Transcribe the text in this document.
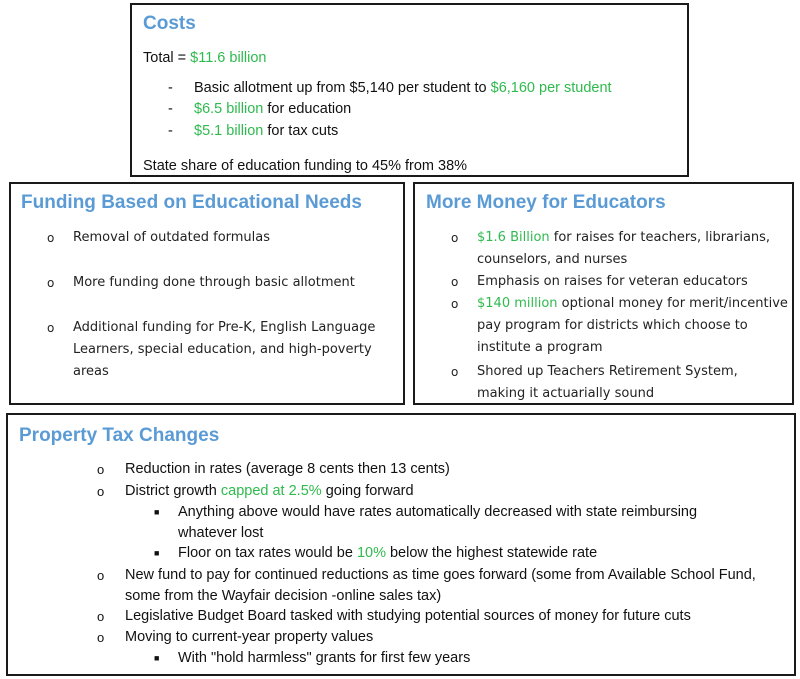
Costs
Total = $11.6 billion
- Basic allotment up from $5,140 per student to $6,160 per student
- $6.5 billion for education
- $5.1 billion for tax cuts
State share of education funding to 45% from 38%
Funding Based on Educational Needs
o Removal of outdated formulas
o More funding done through basic allotment
o Additional funding for Pre-K, English Language Learners, special education, and high-poverty areas
More Money for Educators
o $1.6 Billion for raises for teachers, librarians, counselors, and nurses
o Emphasis on raises for veteran educators
o $140 million optional money for merit/incentive pay program for districts which choose to institute a program
o Shored up Teachers Retirement System, making it actuarially sound
Property Tax Changes
o Reduction in rates (average 8 cents then 13 cents)
o District growth capped at 2.5% going forward
■ Anything above would have rates automatically decreased with state reimbursing whatever lost
■ Floor on tax rates would be 10% below the highest statewide rate
o New fund to pay for continued reductions as time goes forward (some from Available School Fund, some from the Wayfair decision -online sales tax)
o Legislative Budget Board tasked with studying potential sources of money for future cuts
o Moving to current-year property values
■ With "hold harmless" grants for first few years
